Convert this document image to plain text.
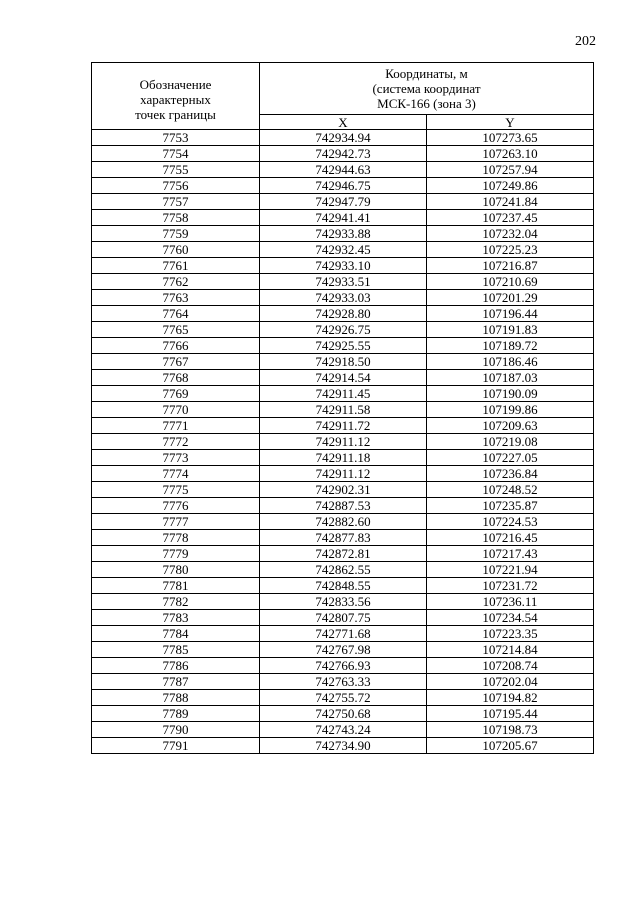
202
Обозначение
характерных
точек границы	Координаты, м
(система координат
МСК-166 (зона 3)	

	X	Y
7753	742934.94	107273.65
7754	742942.73	107263.10
7755	742944.63	107257.94
7756	742946.75	107249.86
7757	742947.79	107241.84
7758	742941.41	107237.45
7759	742933.88	107232.04
7760	742932.45	107225.23
7761	742933.10	107216.87
7762	742933.51	107210.69
7763	742933.03	107201.29
7764	742928.80	107196.44
7765	742926.75	107191.83
7766	742925.55	107189.72
7767	742918.50	107186.46
7768	742914.54	107187.03
7769	742911.45	107190.09
7770	742911.58	107199.86
7771	742911.72	107209.63
7772	742911.12	107219.08
7773	742911.18	107227.05
7774	742911.12	107236.84
7775	742902.31	107248.52
7776	742887.53	107235.87
7777	742882.60	107224.53
7778	742877.83	107216.45
7779	742872.81	107217.43
7780	742862.55	107221.94
7781	742848.55	107231.72
7782	742833.56	107236.11
7783	742807.75	107234.54
7784	742771.68	107223.35
7785	742767.98	107214.84
7786	742766.93	107208.74
7787	742763.33	107202.04
7788	742755.72	107194.82
7789	742750.68	107195.44
7790	742743.24	107198.73
7791	742734.90	107205.67
